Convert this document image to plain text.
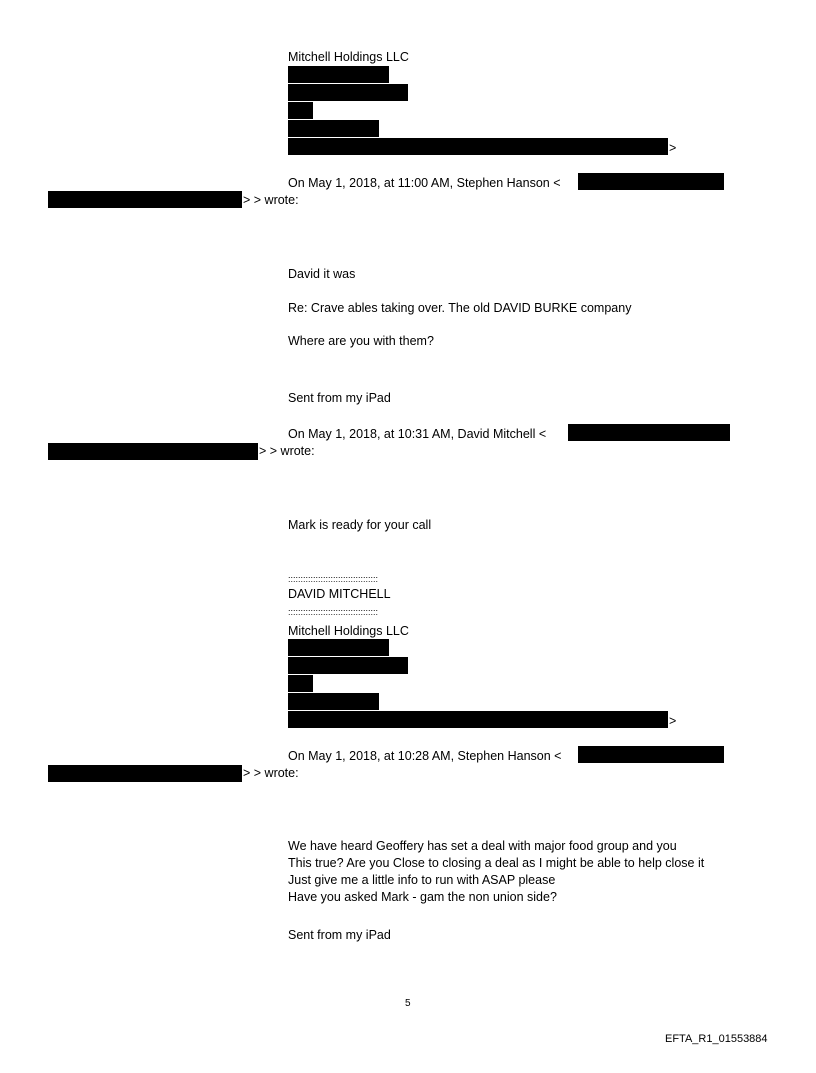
Mitchell Holdings LLC
>
On May 1, 2018, at 11:00 AM, Stephen Hanson <
> > wrote:
David it was
Re: Crave ables taking over. The old DAVID BURKE company
Where are you with them?
Sent from my iPad
On May 1, 2018, at 10:31 AM, David Mitchell <
> > wrote:
Mark is ready for your call
::::::::::::::::::::::::::::::::::::
DAVID MITCHELL
::::::::::::::::::::::::::::::::::::
Mitchell Holdings LLC
>
On May 1, 2018, at 10:28 AM, Stephen Hanson <
> > wrote:
We have heard Geoffery has set a deal with major food group and you
This true? Are you Close to closing a deal as I might be able to help close it
Just give me a little info to run with ASAP please
Have you asked Mark - gam the non union side?
Sent from my iPad
5
EFTA_R1_01553884
